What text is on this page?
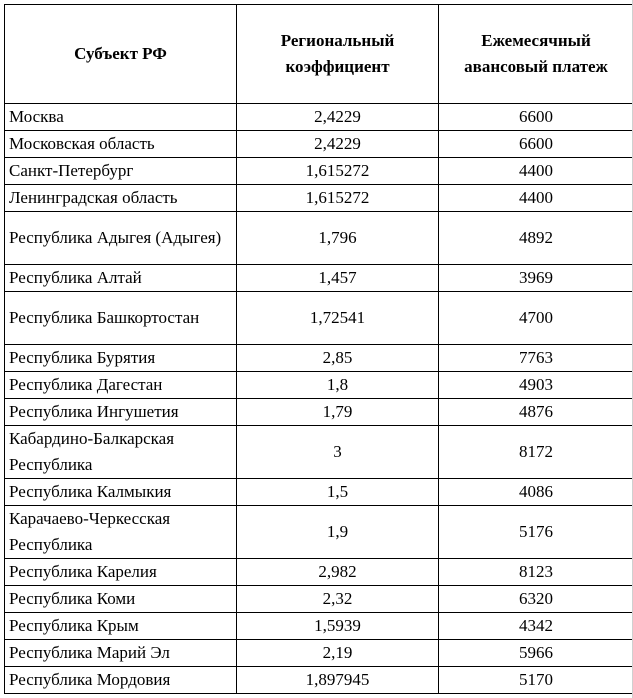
Субъект РФ	Региональный коэффициент	Ежемесячный авансовый платеж
Москва	2,4229	6600
Московская область	2,4229	6600
Санкт-Петербург	1,615272	4400
Ленинградская область	1,615272	4400
Республика Адыгея (Адыгея)	1,796	4892
Республика Алтай	1,457	3969
Республика Башкортостан	1,72541	4700
Республика Бурятия	2,85	7763
Республика Дагестан	1,8	4903
Республика Ингушетия	1,79	4876
Кабардино-Балкарская Республика	3	8172
Республика Калмыкия	1,5	4086
Карачаево-Черкесская Республика	1,9	5176
Республика Карелия	2,982	8123
Республика Коми	2,32	6320
Республика Крым	1,5939	4342
Республика Марий Эл	2,19	5966
Республика Мордовия	1,897945	5170
